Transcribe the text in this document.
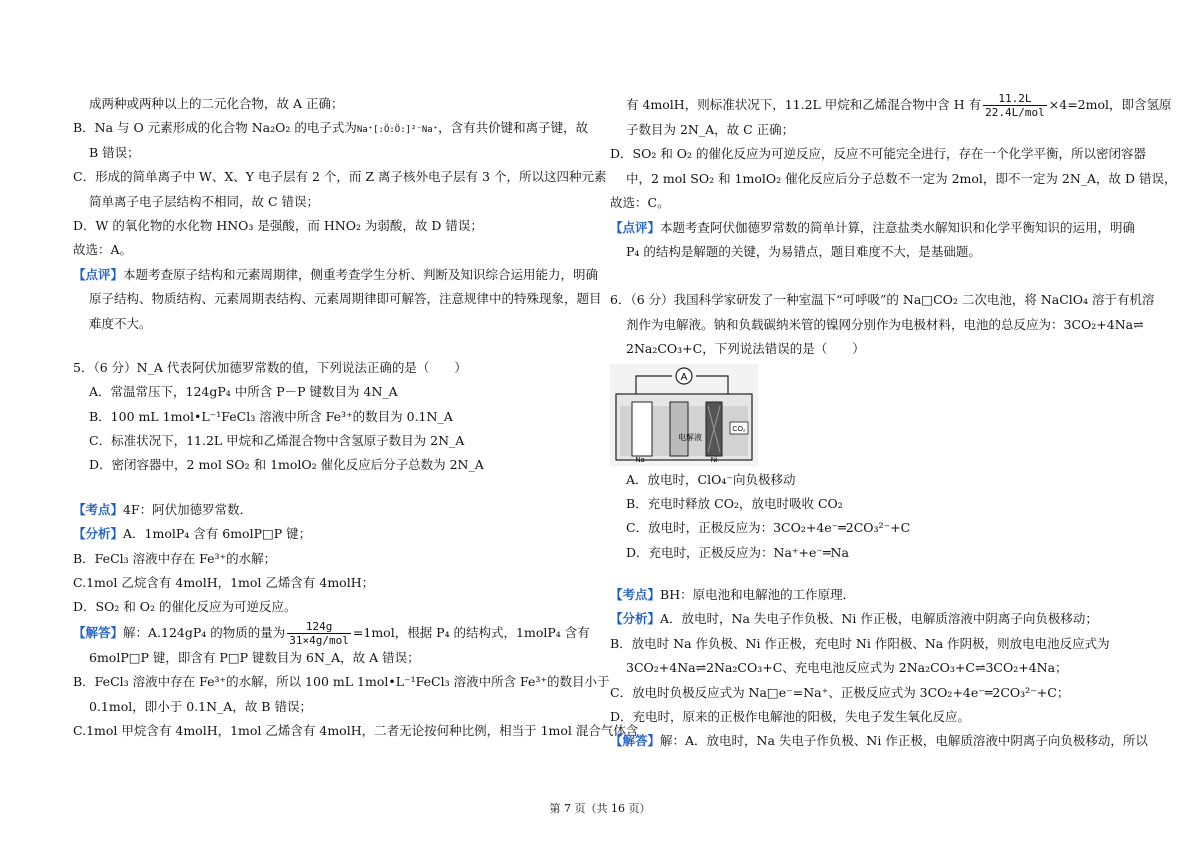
成两种或两种以上的二元化合物，故 A 正确；
B．Na 与 O 元素形成的化合物 Na₂O₂ 的电子式为Na⁺[:Ö:Ö:]²⁻Na⁺，含有共价键和离子键，故
B 错误；
C．形成的简单离子中 W、X、Y 电子层有 2 个，而 Z 离子核外电子层有 3 个，所以这四种元素
简单离子电子层结构不相同，故 C 错误；
D．W 的氧化物的水化物 HNO₃ 是强酸，而 HNO₂ 为弱酸，故 D 错误；
故选：A。
【点评】本题考查原子结构和元素周期律，侧重考查学生分析、判断及知识综合运用能力，明确
原子结构、物质结构、元素周期表结构、元素周期律即可解答，注意规律中的特殊现象，题目
难度不大。
5．（6 分）N_A 代表阿伏加德罗常数的值，下列说法正确的是（　　）
A．常温常压下，124gP₄ 中所含 P－P 键数目为 4N_A
B．100 mL 1mol•L⁻¹FeCl₃ 溶液中所含 Fe³⁺的数目为 0.1N_A
C．标准状况下，11.2L 甲烷和乙烯混合物中含氢原子数目为 2N_A
D．密闭容器中，2 mol SO₂ 和 1molO₂ 催化反应后分子总数为 2N_A
【考点】4F：阿伏加德罗常数．
【分析】A．1molP₄ 含有 6molP□P 键；
B．FeCl₃ 溶液中存在 Fe³⁺的水解；
C.1mol 乙烷含有 4molH，1mol 乙烯含有 4molH；
D．SO₂ 和 O₂ 的催化反应为可逆反应。
【解答】解：A.124gP₄ 的物质的量为 $\frac{124g}{\text{31×4g/mol}} =1mol$，根据 P₄ 的结构式，1molP₄ 含有
6molP□P 键，即含有 P□P 键数目为 6N_A，故 A 错误；
B．FeCl₃ 溶液中存在 Fe³⁺的水解，所以 100 mL 1mol•L⁻¹FeCl₃ 溶液中所含 Fe³⁺的数目小于
0.1mol，即小于 0.1N_A，故 B 错误；
C.1mol 甲烷含有 4molH，1mol 乙烯含有 4molH，二者无论按何种比例，相当于 1mol 混合气体含
有 4molH，则标准状况下，11.2L 甲烷和乙烯混合物中含 H 有 $\frac{11.2L}{\text{22.4L/mol}} \times 4=2mol$，即含氢原
子数目为 2N_A，故 C 正确；
D．SO₂ 和 O₂ 的催化反应为可逆反应，反应不可能完全进行，存在一个化学平衡，所以密闭容器
中，2 mol SO₂ 和 1molO₂ 催化反应后分子总数不一定为 2mol，即不一定为 2N_A，故 D 错误，
故选：C。
【点评】本题考查阿伏伽德罗常数的简单计算，注意盐类水解知识和化学平衡知识的运用，明确
P₄ 的结构是解题的关键，为易错点，题目难度不大，是基础题。
6．（6 分）我国科学家研发了一种室温下“可呼吸”的 Na□CO₂ 二次电池，将 NaClO₄ 溶于有机溶
剂作为电解液。钠和负载碳纳米管的镍网分别作为电极材料，电池的总反应为：3CO₂+4Na⇌
2Na₂CO₃+C，下列说法错误的是（　　）
A
CO₂
电解液
Na	Ni
A．放电时，ClO₄⁻向负极移动
B．充电时释放 CO₂，放电时吸收 CO₂
C．放电时，正极反应为：3CO₂+4e⁻═2CO₃²⁻+C
D．充电时，正极反应为：Na⁺+e⁻═Na
【考点】BH：原电池和电解池的工作原理．
【分析】A．放电时，Na 失电子作负极、Ni 作正极，电解质溶液中阴离子向负极移动；
B．放电时 Na 作负极、Ni 作正极，充电时 Ni 作阳极、Na 作阴极，则放电电池反应式为
3CO₂+4Na⇌2Na₂CO₃+C、充电电池反应式为 2Na₂CO₃+C⇌3CO₂+4Na；
C．放电时负极反应式为 Na□e⁻=Na⁺、正极反应式为 3CO₂+4e⁻═2CO₃²⁻+C；
D．充电时，原来的正极作电解池的阳极，失电子发生氧化反应。
【解答】解：A．放电时，Na 失电子作负极、Ni 作正极，电解质溶液中阴离子向负极移动，所以
第 7 页（共 16 页）
